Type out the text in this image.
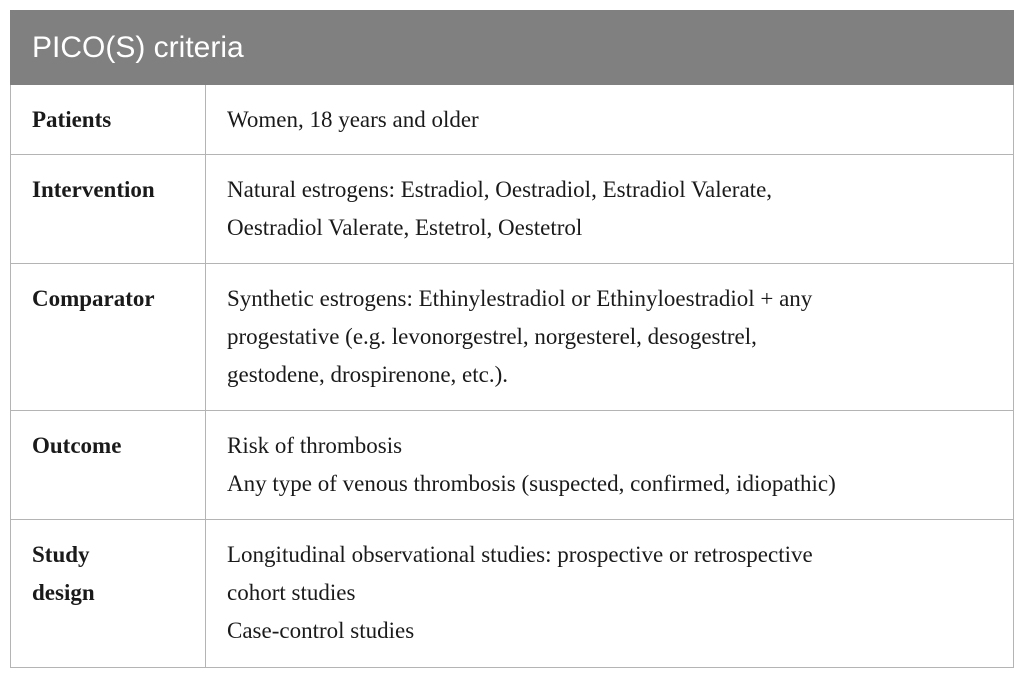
PICO(S) criteria	
Patients	Women, 18 years and older

Intervention	Natural estrogens: Estradiol, Oestradiol, Estradiol Valerate,
Oestradiol Valerate, Estetrol, Oestetrol

Comparator	Synthetic estrogens: Ethinylestradiol or Ethinyloestradiol + any
progestative (e.g. levonorgestrel, norgesterel, desogestrel,
gestodene, drospirenone, etc.).

Outcome	Risk of thrombosis
Any type of venous thrombosis (suspected, confirmed, idiopathic)

Study
design	Longitudinal observational studies: prospective or retrospective
cohort studies
Case-control studies
